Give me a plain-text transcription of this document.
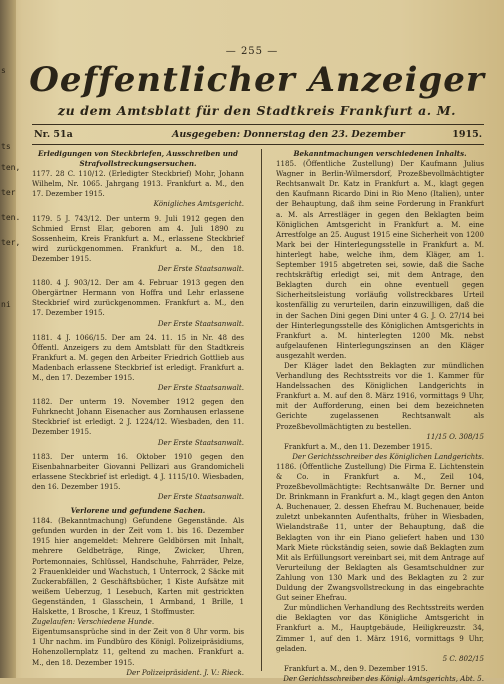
s
ts
ten,
ter
ten.
ter,
ni
— 255 —
Oeffentlicher Anzeiger
zu dem Amtsblatt für den Stadtkreis Frankfurt a. M.
Nr. 51a	Ausgegeben: Donnerstag den 23. Dezember	1915.

Erledigungen von Steckbriefen, Ausschreiben und Strafvollstreckungsersuchen.

1177. 28 C. 110/12. (Erledigter Steckbrief) Mohr, Johann Wilhelm, Nr. 1065. Jahrgang 1913. Frankfurt a. M., den 17. Dezember 1915.

Königliches Amtsgericht.

1179. 5 J. 743/12. Der unterm 9. Juli 1912 gegen den Schmied Ernst Elar, geboren am 4. Juli 1890 zu Sossenheim, Kreis Frankfurt a. M., erlassene Steckbrief wird zurückgenommen. Frankfurt a. M., den 18. Dezember 1915.

Der Erste Staatsanwalt.

1180. 4 J. 903/12. Der am 4. Februar 1913 gegen den Obergärtner Hermann von Hoffra und Lehr erlassene Steckbrief wird zurückgenommen. Frankfurt a. M., den 17. Dezember 1915.

Der Erste Staatsanwalt.

1181. 4 J. 1066/15. Der am 24. 11. 15 in Nr. 48 des Öffentl. Anzeigers zu dem Amtsblatt für den Stadtkreis Frankfurt a. M. gegen den Arbeiter Friedrich Gottlieb aus Madenbach erlassene Steckbrief ist erledigt. Frankfurt a. M., den 17. Dezember 1915.

Der Erste Staatsanwalt.

1182. Der unterm 19. November 1912 gegen den Fuhrknecht Johann Eisenacher aus Zornhausen erlassene Steckbrief ist erledigt. 2 J. 1224/12. Wiesbaden, den 11. Dezember 1915.

Der Erste Staatsanwalt.

1183. Der unterm 16. Oktober 1910 gegen den Eisenbahnarbeiter Giovanni Pellizari aus Grandomicheli erlassene Steckbrief ist erledigt. 4 J. 1115/10. Wiesbaden, den 16. Dezember 1915.

Der Erste Staatsanwalt.

Verlorene und gefundene Sachen.

1184. (Bekanntmachung) Gefundene Gegenstände. Als gefunden wurden in der Zeit vom 1. bis 16. Dezember 1915 hier angemeldet: Mehrere Geldbörsen mit Inhalt, mehrere Geldbeträge, Ringe, Zwicker, Uhren, Portemonnaies, Schlüssel, Handschuhe, Fahrräder, Pelze, 2 Frauenkleider und Wachstuch, 1 Unterrock, 2 Säcke mit Zuckerabfällen, 2 Geschäftsbücher, 1 Kiste Aufsätze mit weißem Ueberzug, 1 Lesebuch, Karten mit gestrickten Gegenständen, 1 Glasschein, 1 Armband, 1 Brille, 1 Halskette, 1 Brosche, 1 Kreuz, 1 Stoffmuster.

Zugelaufen: Verschiedene Hunde.

Eigentumsansprüche sind in der Zeit von 8 Uhr vorm. bis 1 Uhr nachm. im Fundbüro des Königl. Polizeipräsidiums, Hohenzollernplatz 11, geltend zu machen. Frankfurt a. M., den 18. Dezember 1915.

Der Polizeipräsident. J. V.: Rieck.

Bekanntmachungen verschiedenen Inhalts.

1185. (Öffentliche Zustellung) Der Kaufmann Julius Wagner in Berlin-Wilmersdorf, Prozeßbevollmächtigter Rechtsanwalt Dr. Katz in Frankfurt a. M., klagt gegen den Kaufmann Ricardo Dini in Rio Meno (Italien), unter der Behauptung, daß ihm seine Forderung in Frankfurt a. M. als Arrestläger in gegen den Beklagten beim Königlichen Amtsgericht in Frankfurt a. M. eine Arrestfolge an 25. August 1915 eine Sicherheit von 1200 Mark bei der Hinterlegungsstelle in Frankfurt a. M. hinterlegt habe, welche ihm, dem Kläger, am 1. September 1915 abgetreten sei, sowie, daß die Sache rechtskräftig erledigt sei, mit dem Antrage, den Beklagten durch ein ohne eventuell gegen Sicherheitsleistung vorläufig vollstreckbares Urteil kostenfällig zu verurteilen, darin einzuwilligen, daß die in der Sachen Dini gegen Dini unter 4 G. J. O. 27/14 bei der Hinterlegungsstelle des Königlichen Amtsgerichts in Frankfurt a. M. hinterlegten 1200 Mk. nebst aufgelaufenen Hinterlegungszinsen an den Kläger ausgezahlt werden.

Der Kläger ladet den Beklagten zur mündlichen Verhandlung des Rechtsstreits vor die 1. Kammer für Handelssachen des Königlichen Landgerichts in Frankfurt a. M. auf den 8. März 1916, vormittags 9 Uhr, mit der Aufforderung, einen bei dem bezeichneten Gerichte zugelassenen Rechtsanwalt als Prozeßbevollmächtigten zu bestellen.

11/15 O. 308/15

Frankfurt a. M., den 11. Dezember 1915.

Der Gerichtsschreiber des Königlichen Landgerichts.

1186. (Öffentliche Zustellung) Die Firma E. Lichtenstein & Co. in Frankfurt a. M., Zeil 104, Prozeßbevollmächtigte: Rechtsanwälte Dr. Berner und Dr. Brinkmann in Frankfurt a. M., klagt gegen den Anton A. Buchenauer, 2. dessen Ehefrau M. Buchenauer, beide zuletzt unbekannten Aufenthalts, früher in Wiesbaden, Wielandstraße 11, unter der Behauptung, daß die Beklagten von ihr ein Piano geliefert haben und 130 Mark Miete rückständig seien, sowie daß Beklagten zum Mit als Erfüllungsort vereinbart sei, mit dem Antrage auf Verurteilung der Beklagten als Gesamtschuldner zur Zahlung von 130 Mark und des Beklagten zu 2 zur Duldung der Zwangsvollstreckung in das eingebrachte Gut seiner Ehefrau.

Zur mündlichen Verhandlung des Rechtsstreits werden die Beklagten vor das Königliche Amtsgericht in Frankfurt a. M., Hauptgebäude, Heiligkreuzstr. 34, Zimmer 1, auf den 1. März 1916, vormittags 9 Uhr, geladen.

5 C. 802/15

Frankfurt a. M., den 9. Dezember 1915.

Der Gerichtsschreiber des Königl. Amtsgerichts, Abt. 5.
